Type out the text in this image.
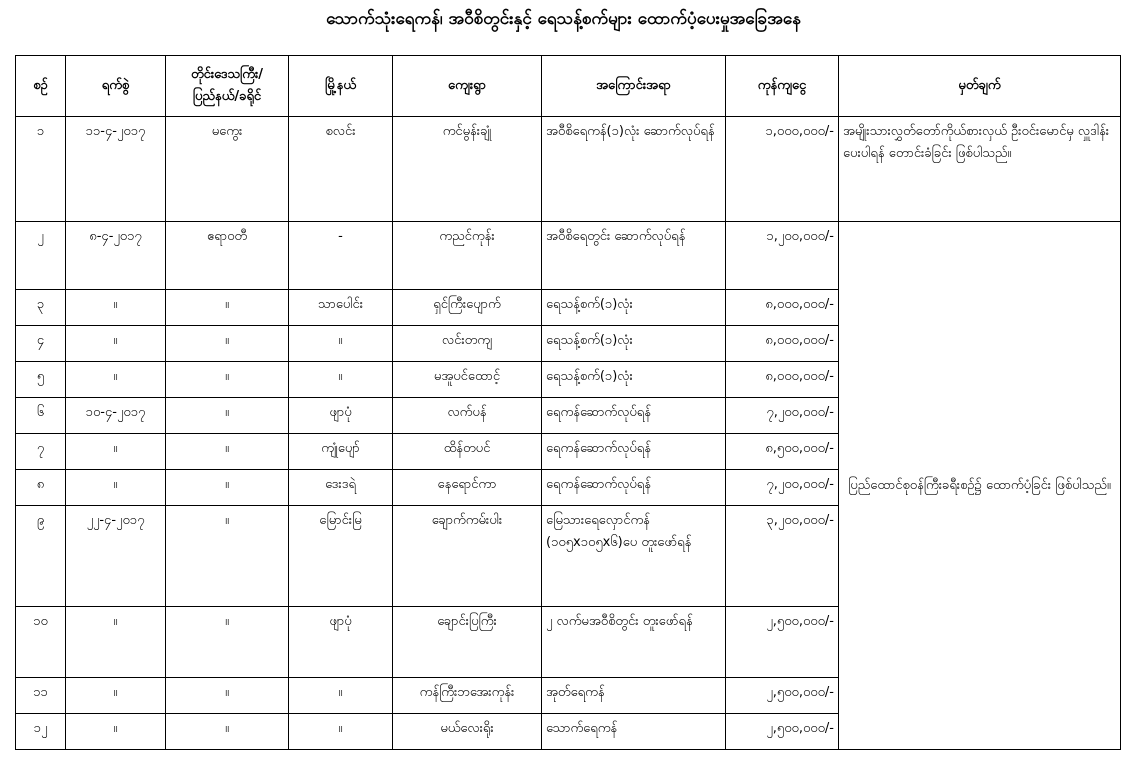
သောက်သုံးရေကန်၊ အဝီစိတွင်းနှင့် ရေသန့်စက်များ ထောက်ပံ့ပေးမှုအခြေအနေ
စဥ်	ရက်စွဲ	တိုင်းဒေသကြီး/ ပြည်နယ်/ခရိုင်	မြို့နယ်	ကျေးရွာ	အကြောင်းအရာ	ကုန်ကျငွေ	မှတ်ချက်
၁	၁၁-၄-၂၀၁၇	မကွေး	စလင်း	ကင်မွန်းချုံ	အဝီစိရေကန်(၁)လုံး ဆောက်လုပ်ရန်	၁,၀၀၀,၀၀၀/-	အမျိုးသားလွှတ်တော်ကိုယ်စားလှယ် ဦးဝင်းမောင်မှ လှူဒါန်းပေးပါရန် တောင်းခံခြင်း ဖြစ်ပါသည်။
၂	၈-၄-၂၀၁၇	ဧရာဝတီ	-	ကညင်ကုန်း	အဝီစိရေတွင်း ဆောက်လုပ်ရန်	၁,၂၀၀,၀၀၀/-	ပြည်ထောင်စုဝန်ကြီးခရီးစဥ်၌ ထောက်ပံ့ခြင်း ဖြစ်ပါသည်။
၃	။	။	သာပေါင်း	ရှင်ကြီးပျောက်	ရေသန့်စက်(၁)လုံး	၈,၀၀၀,၀၀၀/-	
၄	။	။	။	လင်းတကျ	ရေသန့်စက်(၁)လုံး	၈,၀၀၀,၀၀၀/-	
၅	။	။	။	မအူပင်ထောင့်	ရေသန့်စက်(၁)လုံး	၈,၀၀၀,၀၀၀/-	
၆	၁၀-၄-၂၀၁၇	။	ဖျာပုံ	လက်ပန်	ရေကန်ဆောက်လုပ်ရန်	၇,၂၀၀,၀၀၀/-	
၇	။	။	ကျုံပျော်	ထိန်တပင်	ရေကန်ဆောက်လုပ်ရန်	၈,၅၀၀,၀၀၀/-	
၈	။	။	ဒေးဒရဲ	နေရောင်ကာ	ရေကန်ဆောက်လုပ်ရန်	၇,၂၀၀,၀၀၀/-	
၉	၂၂-၄-၂၀၁၇	။	မြောင်းမြ	ချောက်ကမ်းပါး	မြေသားရေလှောင်ကန် (၁၀၅x၁၀၅x၆)ပေ တူးဖော်ရန်	၃,၂၀၀,၀၀၀/-	
၁၀	။	။	ဖျာပုံ	ချောင်းပြကြီး	၂ လက်မအဝီစိတွင်း တူးဖော်ရန်	၂,၅၀၀,၀၀၀/-	
၁၁	။	။	။	ကန်ကြီးဘအေးကုန်း	အုတ်ရေကန်	၂,၅၀၀,၀၀၀/-	
၁၂	။	။	။	မယ်လေးရိုး	သောက်ရေကန်	၂,၅၀၀,၀၀၀/-	
